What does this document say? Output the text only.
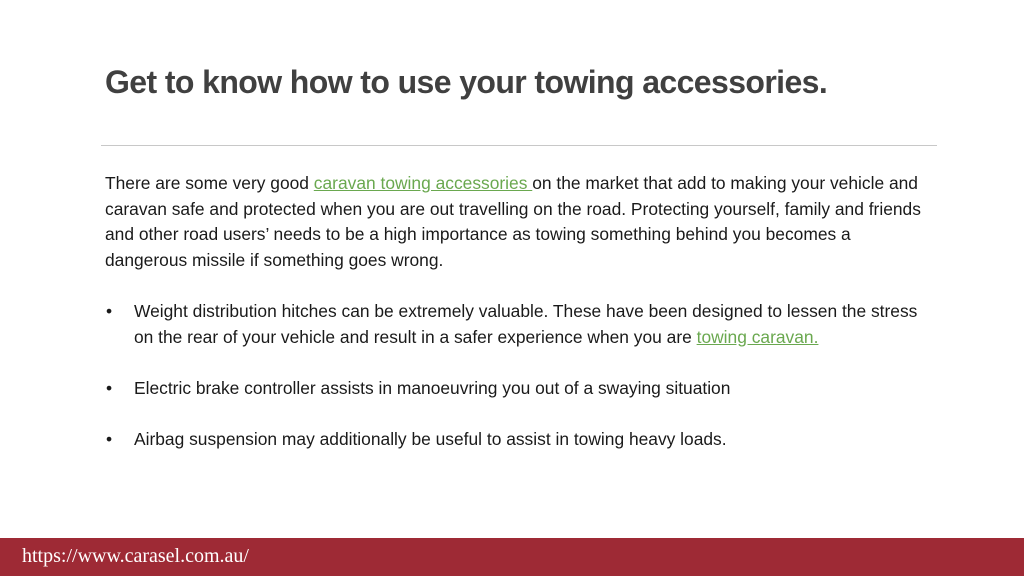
Get to know how to use your towing accessories.

There are some very good caravan towing accessories on the market that add to making your vehicle and caravan safe and protected when you are out travelling on the road. Protecting yourself, family and friends and other road users’ needs to be a high importance as towing something behind you becomes a dangerous missile if something goes wrong.

• Weight distribution hitches can be extremely valuable. These have been designed to lessen the stress on the rear of your vehicle and result in a safer experience when you are towing caravan.
• Electric brake controller assists in manoeuvring you out of a swaying situation
• Airbag suspension may additionally be useful to assist in towing heavy loads.
https://www.carasel.com.au/
